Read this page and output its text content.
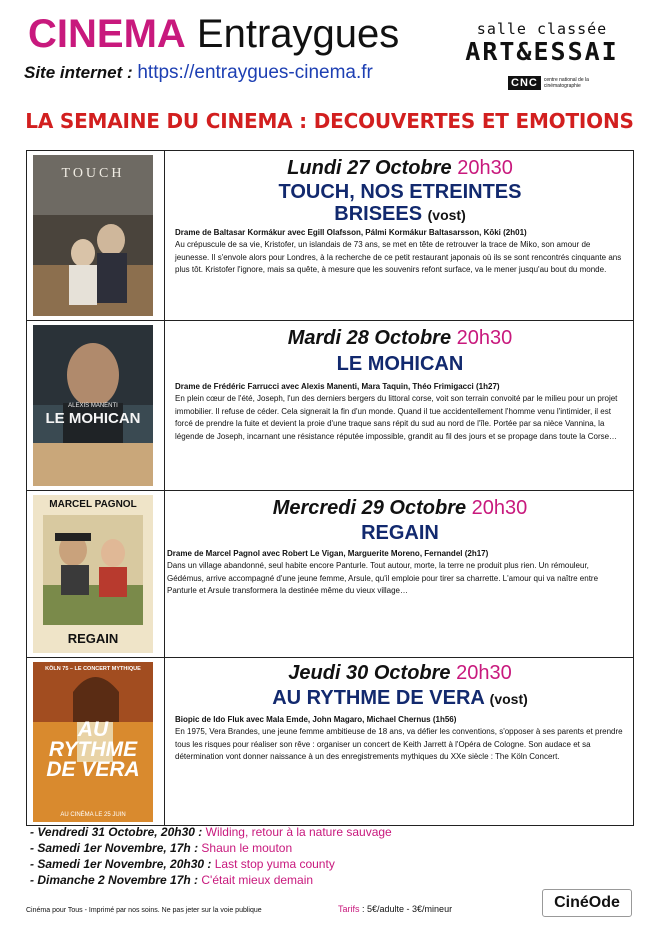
CINEMA Entraygues
Site internet : https://entraygues-cinema.fr
salle classée
ART&ESSAI
CNC	centre national de la cinématographie
LA SEMAINE DU CINEMA : DECOUVERTES ET EMOTIONS
TOUCH	Lundi 27 Octobre 20h30
TOUCH, NOS ETREINTES
BRISEES (vost)
Drame de Baltasar Kormákur avec Egill Olafsson, Pálmi Kormákur Baltasarsson, Kōki (2h01)
Au crépuscule de sa vie, Kristofer, un islandais de 73 ans, se met en tête de retrouver la trace de Miko, son amour de jeunesse. Il s'envole alors pour Londres, à la recherche de ce petit restaurant japonais où ils se sont rencontrés cinquante ans plus tôt. Kristofer l'ignore, mais sa quête, à mesure que les souvenirs refont surface, va le mener jusqu'au bout du monde.
ALEXIS MANENTI
LE MOHICAN
Mardi 28 Octobre 20h30
LE MOHICAN
Drame de Frédéric Farrucci avec Alexis Manenti, Mara Taquin, Théo Frimigacci (1h27)
En plein cœur de l'été, Joseph, l'un des derniers bergers du littoral corse, voit son terrain convoité par le milieu pour un projet immobilier. Il refuse de céder. Cela signerait la fin d'un monde. Quand il tue accidentellement l'homme venu l'intimider, il est forcé de prendre la fuite et devient la proie d'une traque sans répit du sud au nord de l'île. Portée par sa nièce Vannina, la légende de Joseph, incarnant une résistance réputée impossible, grandit au fil des jours et se propage dans toute la Corse…
MARCEL PAGNOL
REGAIN
Mercredi 29 Octobre 20h30
REGAIN
Drame de Marcel Pagnol avec Robert Le Vigan, Marguerite Moreno, Fernandel (2h17)
Dans un village abandonné, seul habite encore Panturle. Tout autour, morte, la terre ne produit plus rien. Un rémouleur, Gédémus, arrive accompagné d'une jeune femme, Arsule, qu'il emploie pour tirer sa charrette. L'amour qui va naître entre Panturle et Arsule transformera la destinée même du vieux village…
KÖLN 75 – LE CONCERT MYTHIQUE
AU CINÉMA LE 25 JUIN
AU RYTHME DE VERA
Jeudi 30 Octobre 20h30
AU RYTHME DE VERA (vost)
Biopic de Ido Fluk avec Mala Emde, John Magaro, Michael Chernus (1h56)
En 1975, Vera Brandes, une jeune femme ambitieuse de 18 ans, va défier les conventions, s'opposer à ses parents et prendre tous les risques pour réaliser son rêve : organiser un concert de Keith Jarrett à l'Opéra de Cologne. Son audace et sa détermination vont donner naissance à un des enregistrements mythiques du XXe siècle : The Köln Concert.
- Vendredi 31 Octobre, 20h30 : Wilding, retour à la nature sauvage
- Samedi 1er Novembre, 17h : Shaun le mouton
- Samedi 1er Novembre, 20h30 : Last stop yuma county
- Dimanche 2 Novembre 17h : C'était mieux demain
Cinéma pour Tous - Imprimé par nos soins. Ne pas jeter sur la voie publique	Tarifs : 5€/adulte - 3€/mineur	CinéOde
